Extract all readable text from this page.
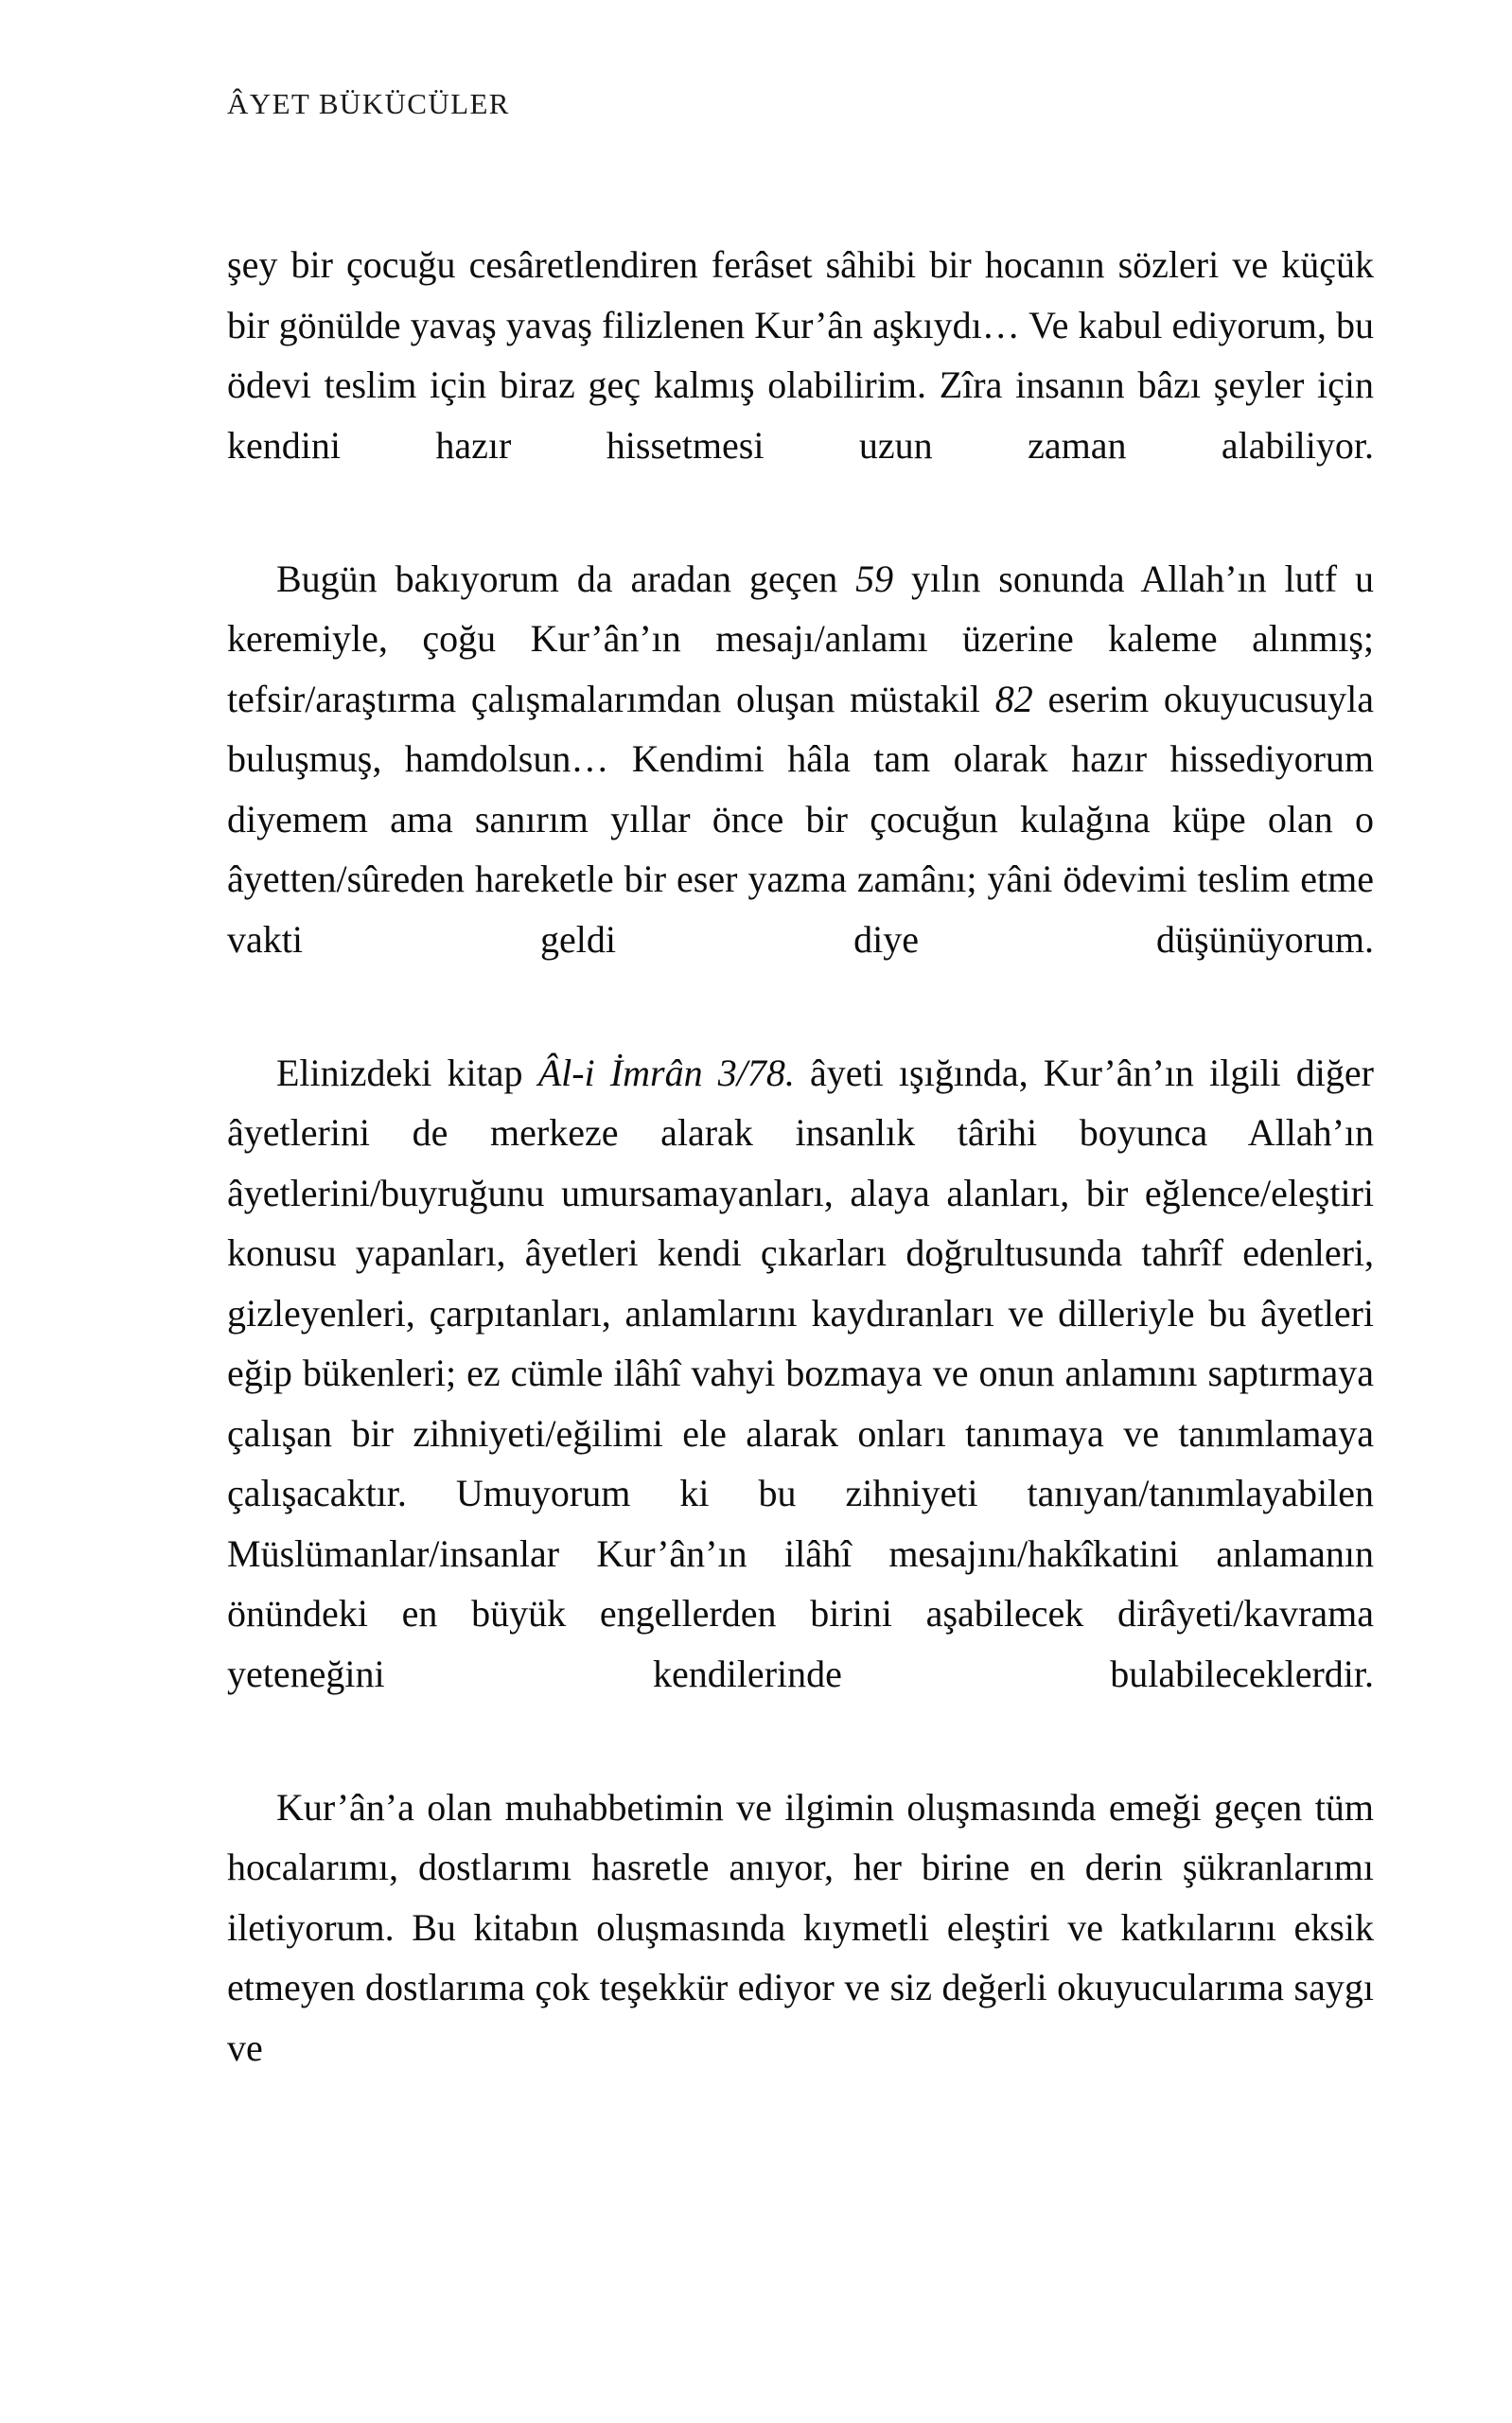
ÂYET BÜKÜCÜLER

şey bir çocuğu cesâretlendiren ferâset sâhibi bir hocanın sözleri ve küçük bir gönülde yavaş yavaş filizlenen Kur’ân aşkıydı… Ve kabul ediyorum, bu ödevi teslim için biraz geç kalmış olabilirim. Zîra insanın bâzı şeyler için kendini hazır hissetmesi uzun zaman alabiliyor.

Bugün bakıyorum da aradan geçen 59 yılın sonunda Allah’ın lutf u keremiyle, çoğu Kur’ân’ın mesajı/anlamı üzerine kaleme alınmış; tefsir/araştırma çalışmalarımdan oluşan müstakil 82 eserim okuyucusuyla buluşmuş, hamdolsun… Kendimi hâla tam olarak hazır hissediyorum diyemem ama sanırım yıllar önce bir çocuğun kulağına küpe olan o âyetten/sûreden hareketle bir eser yazma zamânı; yâni ödevimi teslim etme vakti geldi diye düşünüyorum.

Elinizdeki kitap Âl-i İmrân 3/78. âyeti ışığında, Kur’ân’ın ilgili diğer âyetlerini de merkeze alarak insanlık târihi boyunca Allah’ın âyetlerini/buyruğunu umursamayanları, alaya alanları, bir eğlence/eleştiri konusu yapanları, âyetleri kendi çıkarları doğrultusunda tahrîf edenleri, gizleyenleri, çarpıtanları, anlamlarını kaydıranları ve dilleriyle bu âyetleri eğip bükenleri; ez cümle ilâhî vahyi bozmaya ve onun anlamını saptırmaya çalışan bir zihniyeti/eğilimi ele alarak onları tanımaya ve tanımlamaya çalışacaktır. Umuyorum ki bu zihniyeti tanıyan/tanımlayabilen Müslümanlar/insanlar Kur’ân’ın ilâhî mesajını/hakîkatini anlamanın önündeki en büyük engellerden birini aşabilecek dirâyeti/kavrama yeteneğini kendilerinde bulabileceklerdir.

Kur’ân’a olan muhabbetimin ve ilgimin oluşmasında emeği geçen tüm hocalarımı, dostlarımı hasretle anıyor, her birine en derin şükranlarımı iletiyorum. Bu kitabın oluşmasında kıymetli eleştiri ve katkılarını eksik etmeyen dostlarıma çok teşekkür ediyor ve siz değerli okuyucularıma saygı ve
